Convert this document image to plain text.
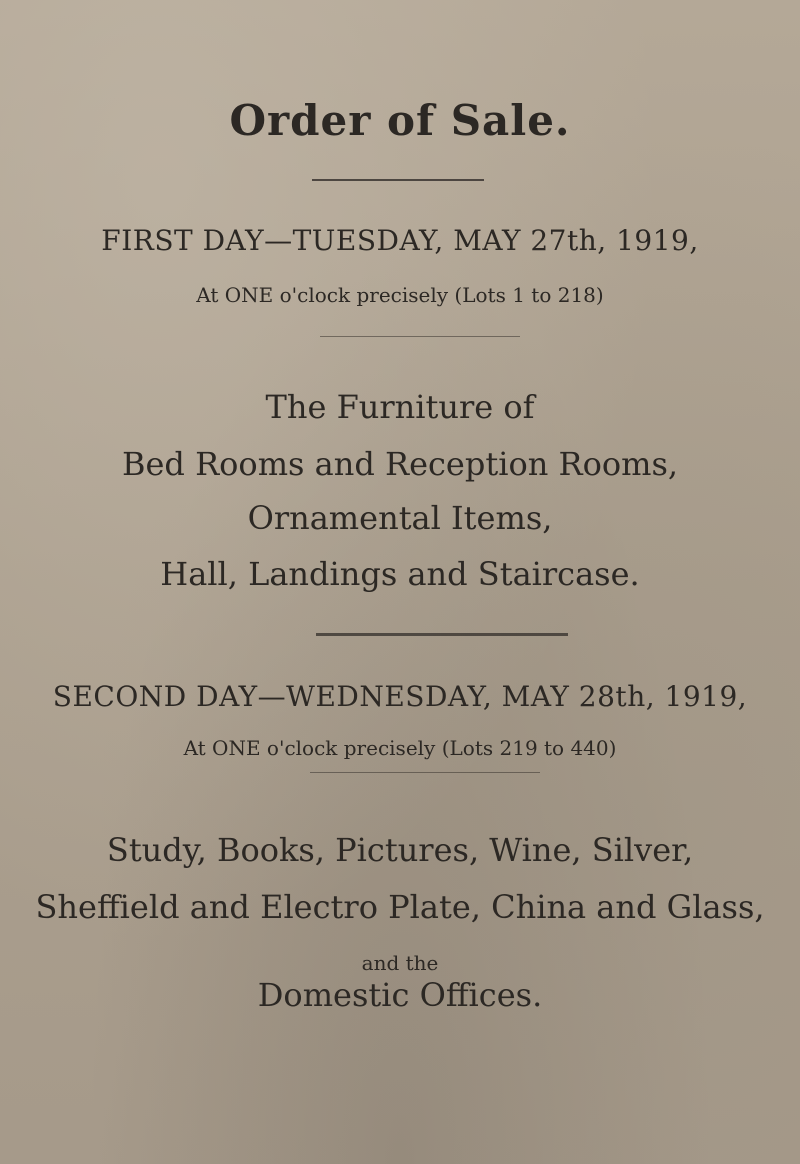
Order of Sale.

FIRST DAY—TUESDAY, MAY 27th, 1919,

At ONE o'clock precisely (Lots 1 to 218)

The Furniture of

Bed Rooms and Reception Rooms,

Ornamental Items,

Hall, Landings and Staircase.

SECOND DAY—WEDNESDAY, MAY 28th, 1919,

At ONE o'clock precisely (Lots 219 to 440)

Study, Books, Pictures, Wine, Silver,

Sheffield and Electro Plate, China and Glass,

and the

Domestic Offices.
